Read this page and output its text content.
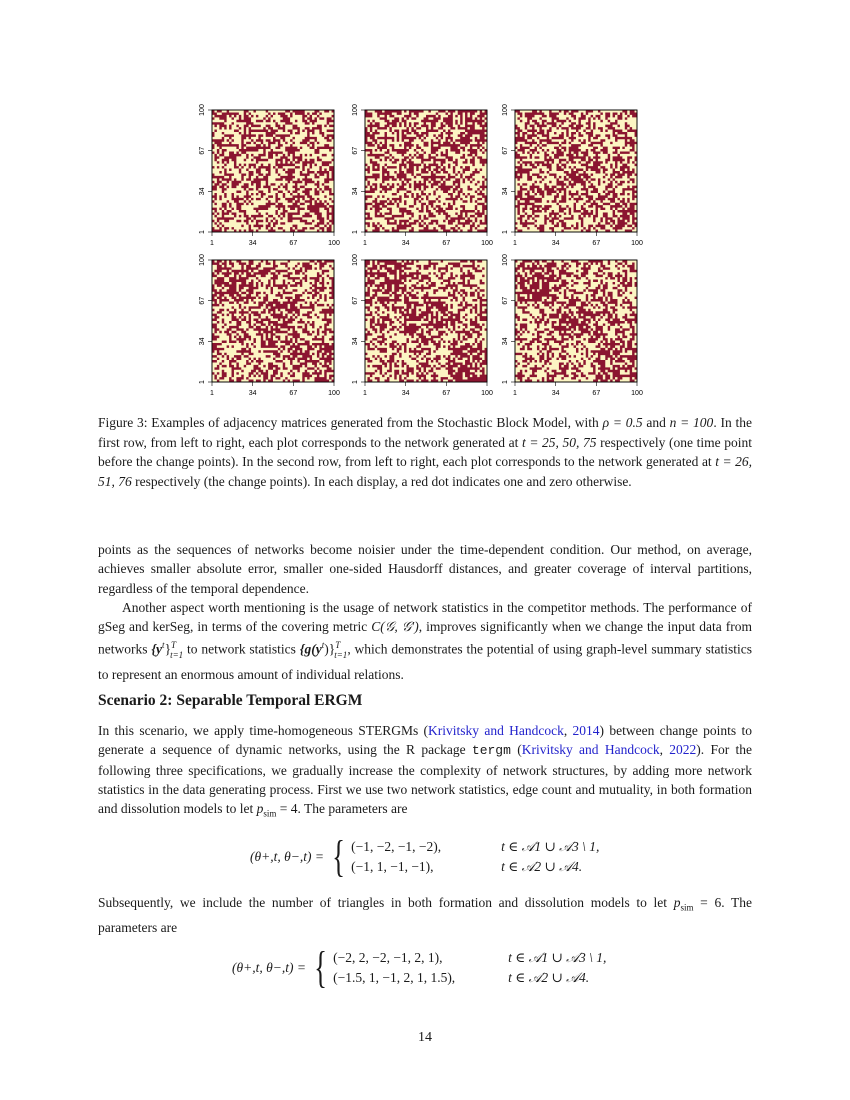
1	34	67	100
1
34
67
100
1	34	67	100
1
34
67
100
1	34	67	100
1
34
67
100
1	34	67	100
1
34
67
100
1	34	67	100
1
34
67
100
1	34	67	100
1
34
67
100
Figure 3: Examples of adjacency matrices generated from the Stochastic Block Model, with ρ = 0.5 and n = 100. In the first row, from left to right, each plot corresponds to the network generated at t = 25, 50, 75 respectively (one time point before the change points). In the second row, from left to right, each plot corresponds to the network generated at t = 26, 51, 76 respectively (the change points). In each display, a red dot indicates one and zero otherwise.

points as the sequences of networks become noisier under the time-dependent condition. Our method, on average, achieves smaller absolute error, smaller one-sided Hausdorff distances, and greater coverage of interval partitions, regardless of the temporal dependence.

Another aspect worth mentioning is the usage of network statistics in the competitor methods. The performance of gSeg and kerSeg, in terms of the covering metric C(𝒢, 𝒢′), improves significantly when we change the input data from networks $\{y^t\}^T_{t=1}$ to network statistics $\{g(y^t)\}^T_{t=1}$, which demonstrates the potential of using graph-level summary statistics to represent an enormous amount of individual relations.

Scenario 2: Separable Temporal ERGM

In this scenario, we apply time-homogeneous STERGMs (Krivitsky and Handcock, 2014) between change points to generate a sequence of dynamic networks, using the R package tergm (Krivitsky and Handcock, 2022). For the following three specifications, we gradually increase the complexity of network structures, by adding more network statistics in the data generating process. First we use two network statistics, edge count and mutuality, in both formation and dissolution models to let $p_{sim} = 4$. The parameters are

(θ+,t, θ−,t) = { (−1, −2, −1, −2),	t ∈ 𝒜1 ∪ 𝒜3 \ 1,
(−1, 1, −1, −1),	t ∈ 𝒜2 ∪ 𝒜4.

Subsequently, we include the number of triangles in both formation and dissolution models to let $p_{sim} = 6$. The parameters are

(θ+,t, θ−,t) = { (−2, 2, −2, −1, 2, 1),	t ∈ 𝒜1 ∪ 𝒜3 \ 1,
(−1.5, 1, −1, 2, 1, 1.5),	t ∈ 𝒜2 ∪ 𝒜4.
14
